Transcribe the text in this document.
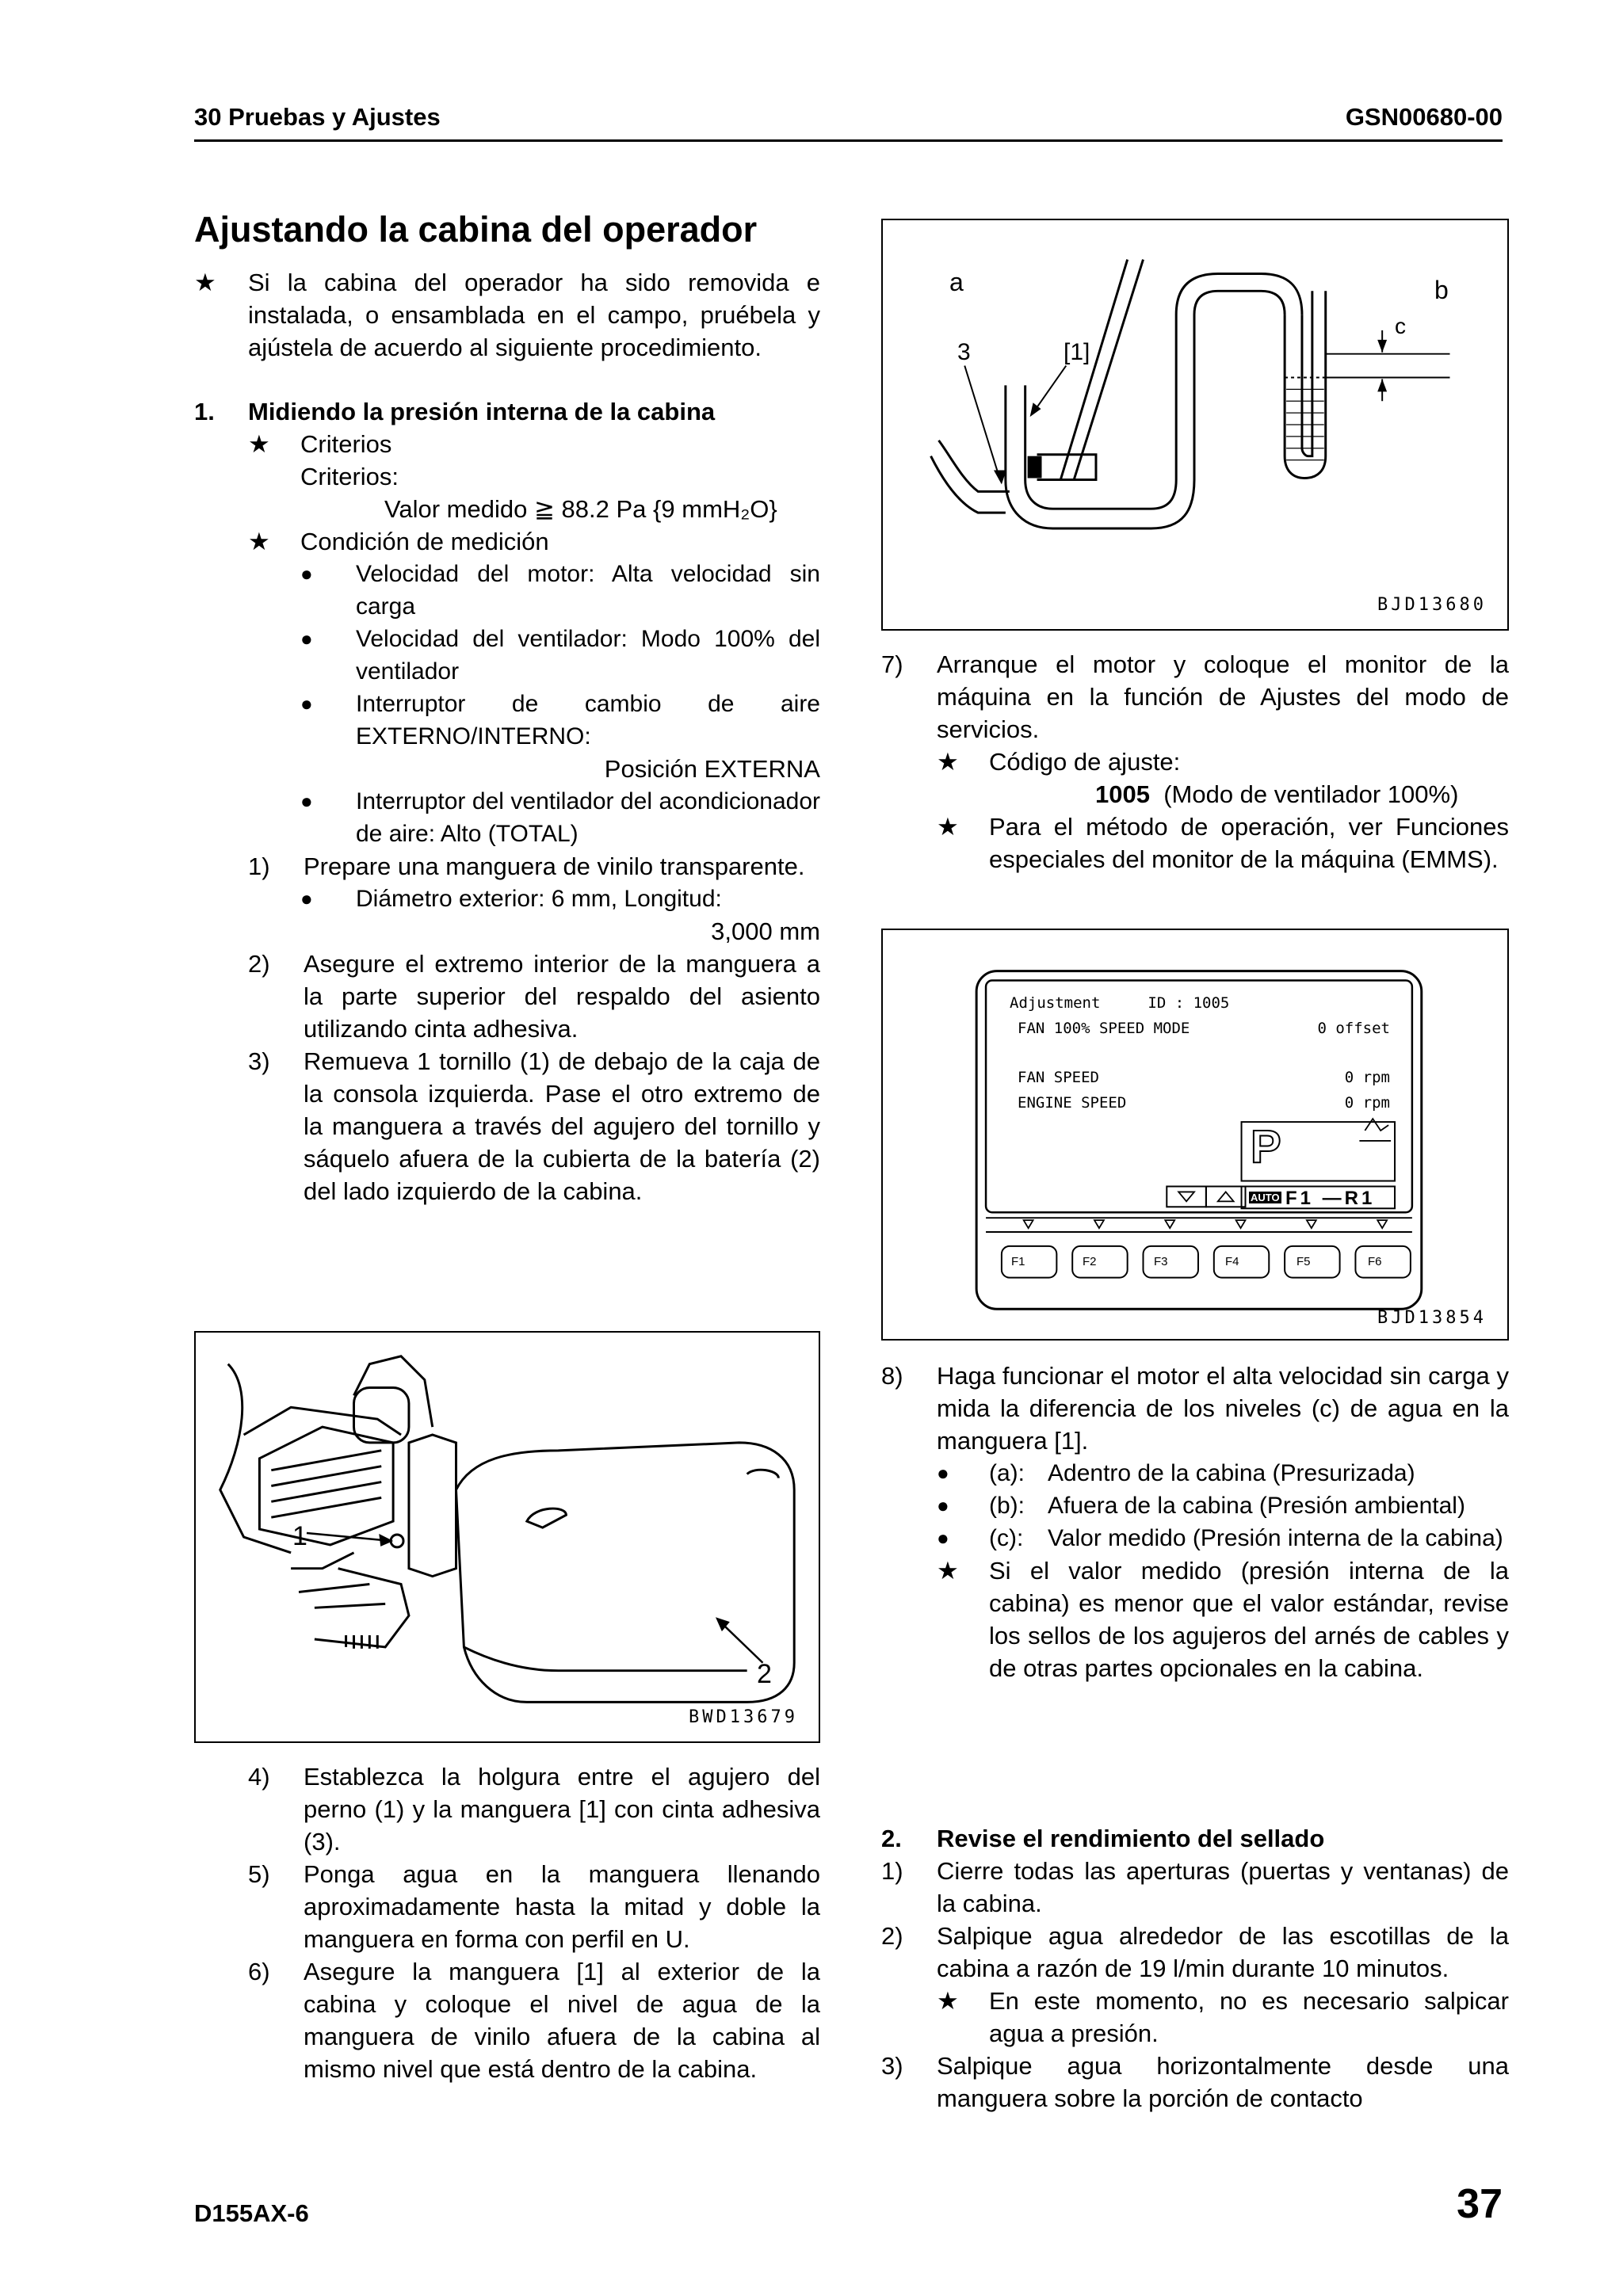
30 Pruebas y Ajustes	GSN00680-00
Ajustando la cabina del operador
★	Si la cabina del operador ha sido removida e instalada, o ensamblada en el campo, pruébela y ajústela de acuerdo al siguiente procedimiento.
1.	Midiendo la presión interna de la cabina
★	Criterios
Criterios:
Valor medido ≧ 88.2 Pa {9 mmH₂O}
★	Condición de medición
●	Velocidad del motor: Alta velocidad sin carga
●	Velocidad del ventilador: Modo 100% del ventilador
●	Interruptor de cambio de aire EXTERNO/INTERNO:
Posición EXTERNA
●	Interruptor del ventilador del acondicionador de aire: Alto (TOTAL)
1)	Prepare una manguera de vinilo transparente.
●	Diámetro exterior: 6 mm, Longitud:
3,000 mm
2)	Asegure el extremo interior de la manguera a la parte superior del respaldo del asiento utilizando cinta adhesiva.
3)	Remueva 1 tornillo (1) de debajo de la caja de la consola izquierda. Pase el otro extremo de la manguera a través del agujero del tornillo y sáquelo afuera de la cubierta de la batería (2) del lado izquierdo de la cabina.
1
2
BWD13679
4)	Establezca la holgura entre el agujero del perno (1) y la manguera [1] con cinta adhesiva (3).
5)	Ponga agua en la manguera llenando aproximadamente hasta la mitad y doble la manguera en forma con perfil en U.
6)	Asegure la manguera [1] al exterior de la cabina y coloque el nivel de agua de la manguera de vinilo afuera de la cabina al mismo nivel que está dentro de la cabina.
a	b
c
3	[1]
BJD13680
7)	Arranque el motor y coloque el monitor de la máquina en la función de Ajustes del modo de servicios.
★	Código de ajuste:
1005 (Modo de ventilador 100%)
★	Para el método de operación, ver Funciones especiales del monitor de la máquina (EMMS).
Adjustment	ID : 1005
FAN 100% SPEED MODE	0 offset
FAN SPEED	0 rpm
ENGINE SPEED	0 rpm
P
AUTO F1 —R1
F1	F2	F3	F4	F5	F6
BJD13854
8)	Haga funcionar el motor el alta velocidad sin carga y mida la diferencia de los niveles (c) de agua en la manguera [1].
●	(a): Adentro de la cabina (Presurizada)
●	(b): Afuera de la cabina (Presión ambiental)
●	(c):	Valor medido (Presión interna de la cabina)
★	Si el valor medido (presión interna de la cabina) es menor que el valor estándar, revise los sellos de los agujeros del arnés de cables y de otras partes opcionales en la cabina.
2.	Revise el rendimiento del sellado
1)	Cierre todas las aperturas (puertas y ventanas) de la cabina.
2)	Salpique agua alrededor de las escotillas de la cabina a razón de 19 l/min durante 10 minutos.
★	En este momento, no es necesario salpicar agua a presión.
3)	Salpique agua horizontalmente desde una manguera sobre la porción de contacto
D155AX-6	37
